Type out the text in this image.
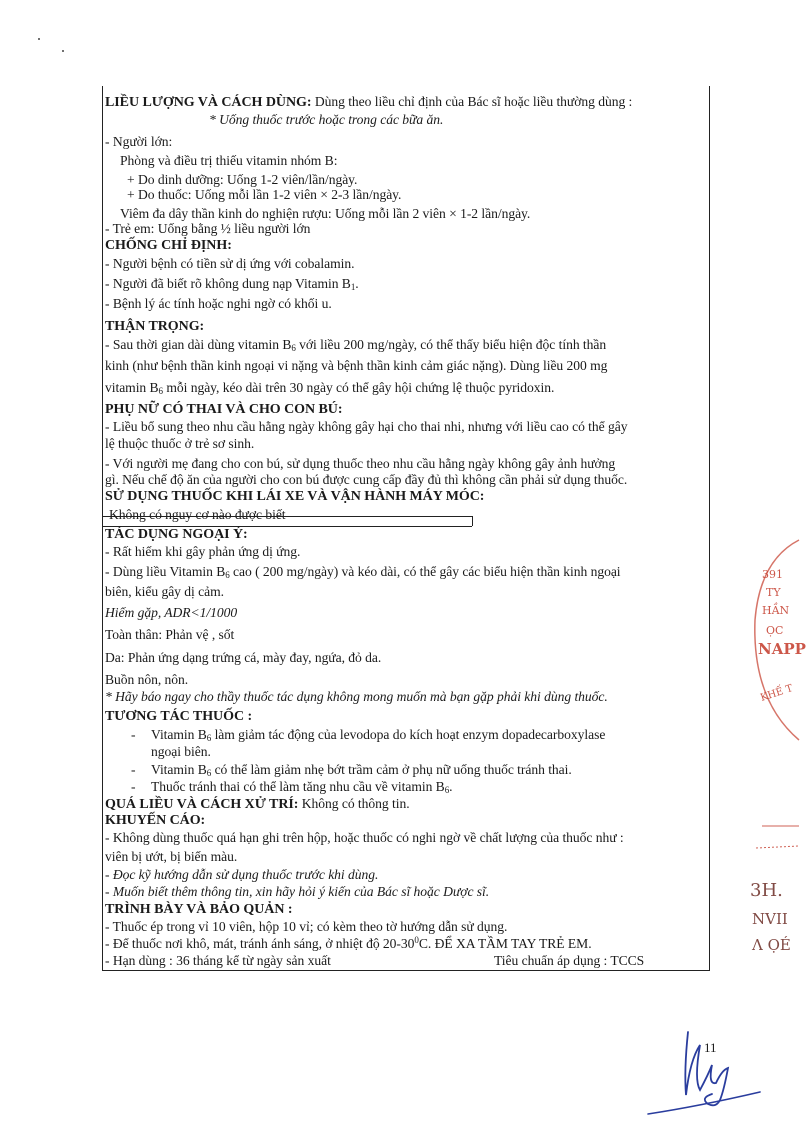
LIỀU LƯỢNG VÀ CÁCH DÙNG: Dùng theo liều chỉ định của Bác sĩ hoặc liều thường dùng :
* Uống thuốc trước hoặc trong các bữa ăn.
- Người lớn:
Phòng và điều trị thiếu vitamin nhóm B:
+ Do dinh dưỡng: Uống 1-2 viên/lần/ngày.
+ Do thuốc: Uống mỗi lần 1-2 viên × 2-3 lần/ngày.
Viêm đa dây thần kinh do nghiện rượu: Uống mỗi lần 2 viên × 1-2 lần/ngày.
- Trẻ em: Uống bằng ½ liều người lớn
CHỐNG CHỈ ĐỊNH:
- Người bệnh có tiền sử dị ứng với cobalamin.
- Người đã biết rõ không dung nạp Vitamin $B_1$.
- Bệnh lý ác tính hoặc nghi ngờ có khối u.
THẬN TRỌNG:
- Sau thời gian dài dùng vitamin $B_6$ với liều 200 mg/ngày, có thể thấy biểu hiện độc tính thần
kinh (như bệnh thần kinh ngoại vi nặng và bệnh thần kinh cảm giác nặng). Dùng liều 200 mg
vitamin $B_6$ mỗi ngày, kéo dài trên 30 ngày có thể gây hội chứng lệ thuộc pyridoxin.
PHỤ NỮ CÓ THAI VÀ CHO CON BÚ:
- Liều bổ sung theo nhu cầu hằng ngày không gây hại cho thai nhi, nhưng với liều cao có thể gây
lệ thuộc thuốc ở trẻ sơ sinh.
- Với người mẹ đang cho con bú, sử dụng thuốc theo nhu cầu hằng ngày không gây ảnh hưởng
gì. Nếu chế độ ăn của người cho con bú được cung cấp đầy đủ thì không cần phải sử dụng thuốc.
SỬ DỤNG THUỐC KHI LÁI XE VÀ VẬN HÀNH MÁY MÓC:
Không có nguy cơ nào được biết
TÁC DỤNG NGOẠI Ý:
- Rất hiếm khi gây phản ứng dị ứng.
- Dùng liều Vitamin $B_6$ cao ( 200 mg/ngày) và kéo dài, có thể gây các biểu hiện thần kinh ngoại
biên, kiểu gây dị cảm.
Hiếm gặp, ADR<1/1000
Toàn thân: Phản vệ , sốt
Da: Phản ứng dạng trứng cá, mày đay, ngứa, đỏ da.
Buồn nôn, nôn.
* Hãy báo ngay cho thầy thuốc tác dụng không mong muốn mà bạn gặp phải khi dùng thuốc.
TƯƠNG TÁC THUỐC :
- Vitamin $B_6$ làm giảm tác động của levodopa do kích hoạt enzym dopadecarboxylase
ngoại biên.
- Vitamin $B_6$ có thể làm giảm nhẹ bớt trầm cảm ở phụ nữ uống thuốc tránh thai.
- Thuốc tránh thai có thể làm tăng nhu cầu về vitamin $B_6$.
QUÁ LIỀU VÀ CÁCH XỬ TRÍ: Không có thông tin.
KHUYẾN CÁO:
- Không dùng thuốc quá hạn ghi trên hộp, hoặc thuốc có nghi ngờ về chất lượng của thuốc như :
viên bị ướt, bị biến màu.
- Đọc kỹ hướng dẫn sử dụng thuốc trước khi dùng.
- Muốn biết thêm thông tin, xin hãy hỏi ý kiến của Bác sĩ hoặc Dược sĩ.
TRÌNH BÀY VÀ BẢO QUẢN :
- Thuốc ép trong vỉ 10 viên, hộp 10 vỉ; có kèm theo tờ hướng dẫn sử dụng.
- Để thuốc nơi khô, mát, tránh ánh sáng, ở nhiệt độ $20-30^0C$. ĐỂ XA TẦM TAY TRẺ EM.
- Hạn dùng : 36 tháng kể từ ngày sản xuất	Tiêu chuẩn áp dụng : TCCS
391
TY
HẦN
ỌC
NAPP
KHẾ T
3H.
NVII
Ʌ ỌÉ
11
